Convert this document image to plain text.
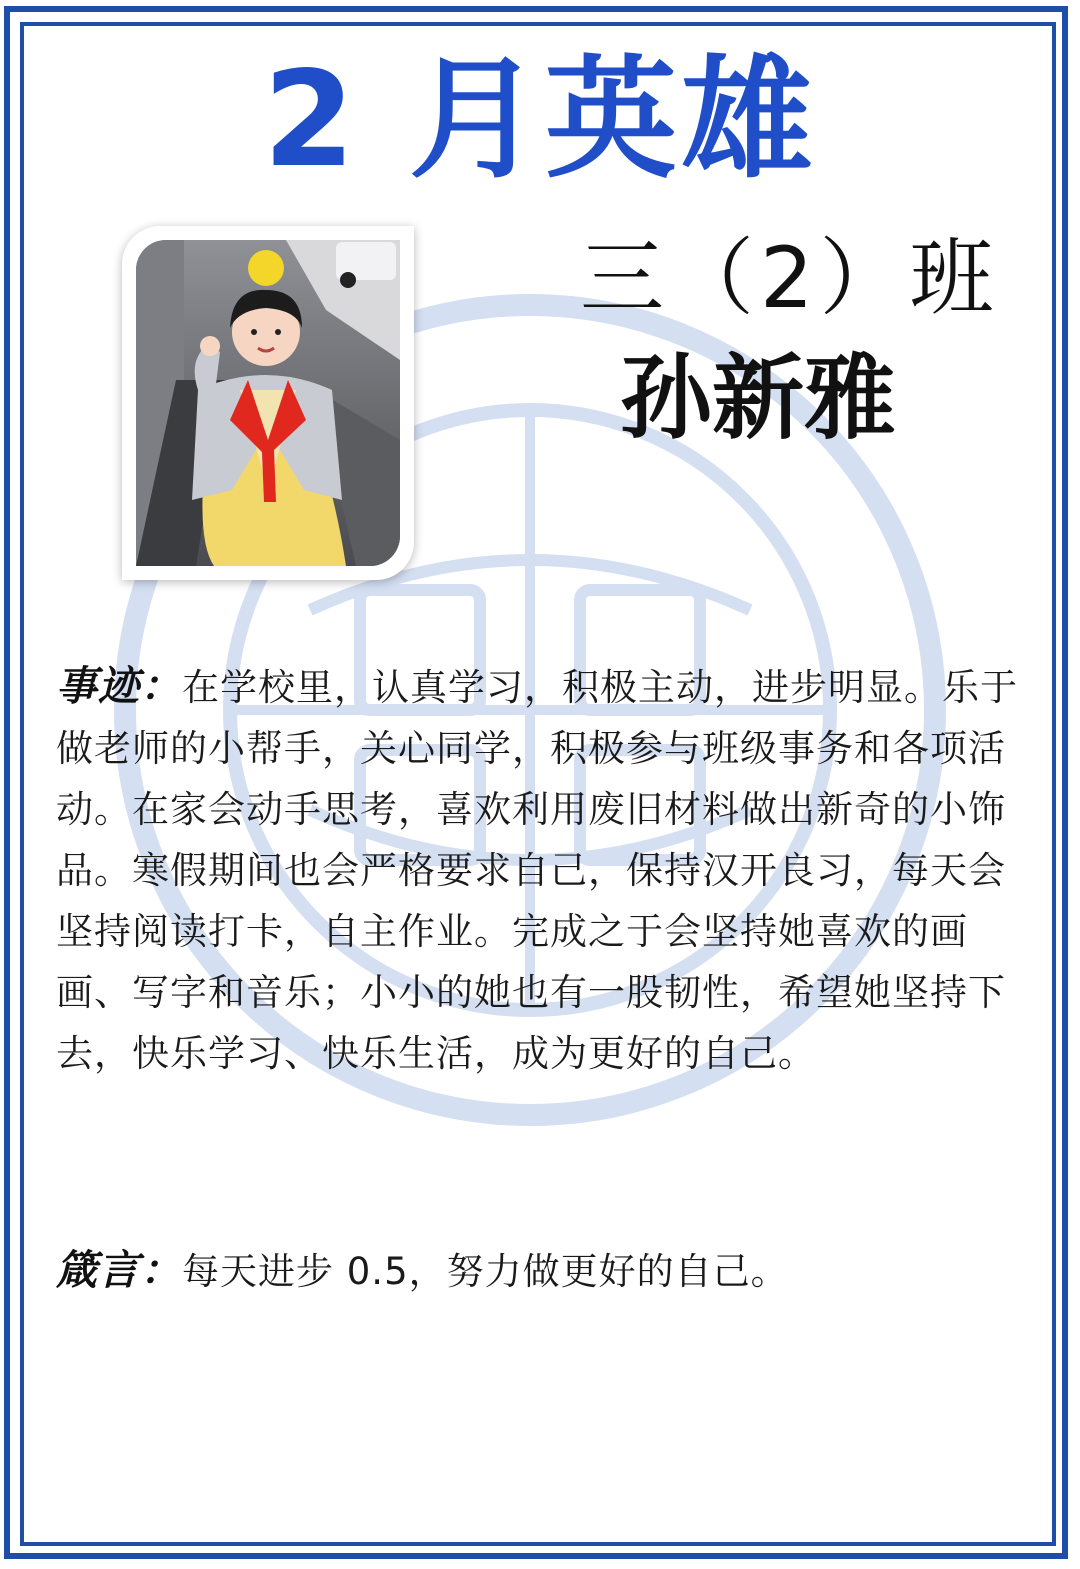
2 月英雄
三（2）班
孙新雅
事迹：在学校里，认真学习，积极主动，进步明显。乐于做老师的小帮手，关心同学，积极参与班级事务和各项活动。在家会动手思考，喜欢利用废旧材料做出新奇的小饰品。寒假期间也会严格要求自己，保持汉开良习，每天会坚持阅读打卡，自主作业。完成之于会坚持她喜欢的画画、写字和音乐；小小的她也有一股韧性，希望她坚持下去，快乐学习、快乐生活，成为更好的自己。
箴言：每天进步 0.5，努力做更好的自己。
